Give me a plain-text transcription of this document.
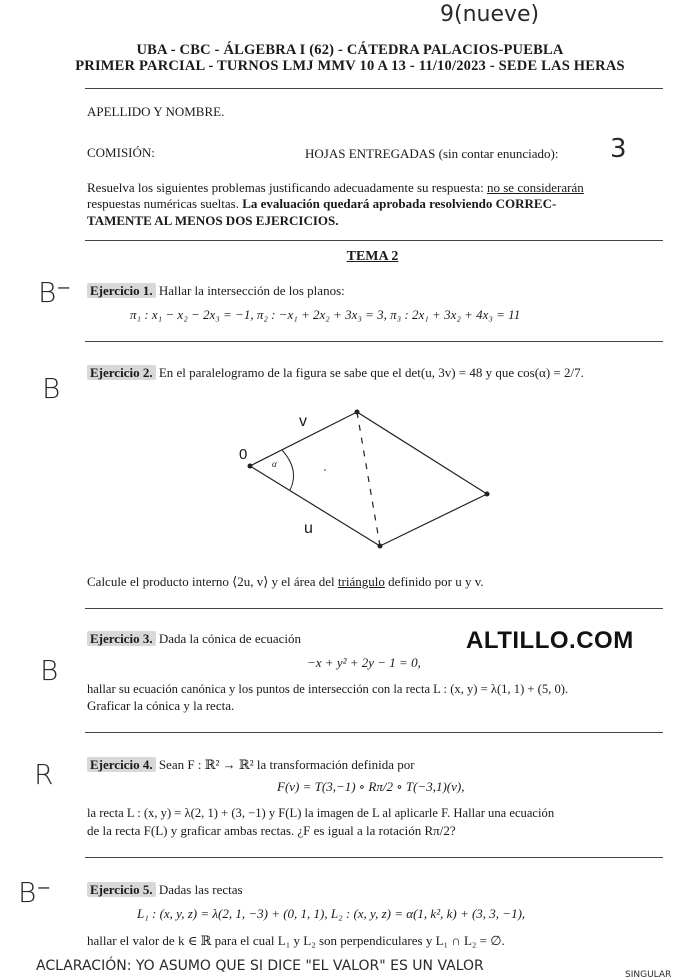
9(nueve)
UBA - CBC - ÁLGEBRA I (62) - CÁTEDRA PALACIOS-PUEBLA
PRIMER PARCIAL - TURNOS LMJ MMV 10 A 13 - 11/10/2023 - SEDE LAS HERAS
APELLIDO Y NOMBRE.
COMISIÓN:	HOJAS ENTREGADAS (sin contar enunciado): 3
Resuelva los siguientes problemas justificando adecuadamente su respuesta: no se considerarán
respuestas numéricas sueltas. La evaluación quedará aprobada resolviendo CORREC-
TAMENTE AL MENOS DOS EJERCICIOS.
TEMA 2
B⁻ Ejercicio 1. Hallar la intersección de los planos:
π₁ : x₁ − x₂ − 2x₃ = −1, π₂ : −x₁ + 2x₂ + 3x₃ = 3, π₃ : 2x₁ + 3x₂ + 4x₃ = 11
B Ejercicio 2. En el paralelogramo de la figura se sabe que el det(u, 3v) = 48 y que cos(α) = 2/7.
v
0
u
α
Calcule el producto interno ⟨2u, v⟩ y el área del triángulo definido por u y v.
B
Ejercicio 3. Dada la cónica de ecuación	ALTILLO.COM
−x + y² + 2y − 1 = 0,
hallar su ecuación canónica y los puntos de intersección con la recta L : (x, y) = λ(1, 1) + (5, 0).
Graficar la cónica y la recta.
R	Ejercicio 4. Sean F : ℝ² → ℝ² la transformación definida por
F(v) = T(3,−1) ∘ Rπ/2 ∘ T(−3,1)(v),
la recta L : (x, y) = λ(2, 1) + (3, −1) y F(L) la imagen de L al aplicarle F. Hallar una ecuación
de la recta F(L) y graficar ambas rectas. ¿F es igual a la rotación Rπ/2?
B⁻	Ejercicio 5. Dadas las rectas
L₁ : (x, y, z) = λ(2, 1, −3) + (0, 1, 1), L₂ : (x, y, z) = α(1, k², k) + (3, 3, −1),
hallar el valor de k ∈ ℝ para el cual L₁ y L₂ son perpendiculares y L₁ ∩ L₂ = ∅.
ACLARACIÓN: YO ASUMO QUE SI DICE "EL VALOR" ES UN VALOR
SINGULAR
